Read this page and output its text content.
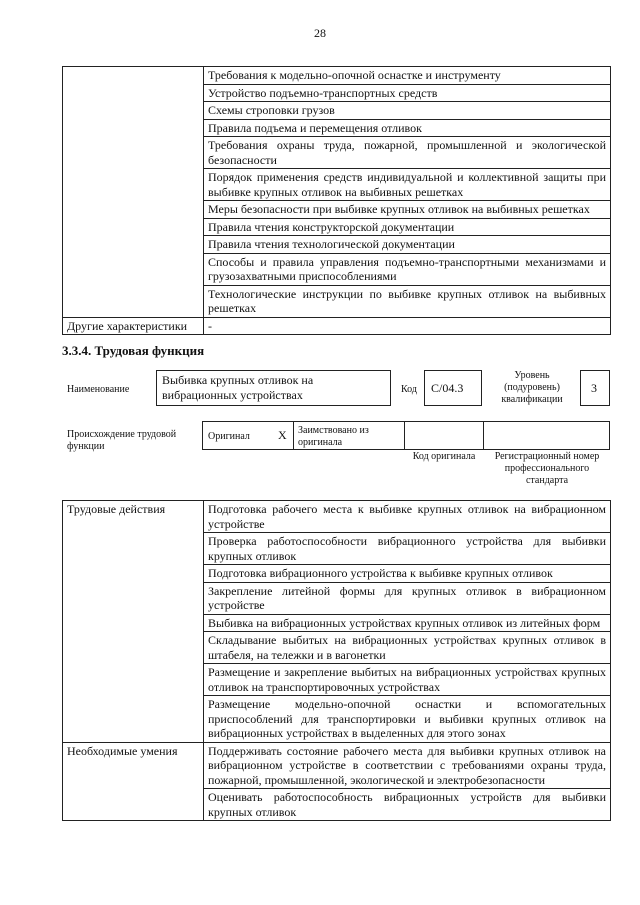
28
	Требования к модельно-опочной оснастке и инструменту
	Устройство подъемно-транспортных средств
	Схемы строповки грузов
	Правила подъема и перемещения отливок
	Требования охраны труда, пожарной, промышленной и экологической безопасности
	Порядок применения средств индивидуальной и коллективной защиты при выбивке крупных отливок на выбивных решетках
	Меры безопасности при выбивке крупных отливок на выбивных решетках
	Правила чтения конструкторской документации
	Правила чтения технологической документации
	Способы и правила управления подъемно-транспортными механизмами и грузозахватными приспособлениями
	Технологические инструкции по выбивке крупных отливок на выбивных решетках
Другие характеристики	-
3.3.4. Трудовая функция
Наименование
Выбивка крупных отливок на вибрационных устройствах	Код	C/04.3
Уровень (подуровень) квалификации
3
Происхождение трудовой функции
Оригинал X Заимствовано из оригинала
Код оригинала	Регистрационный номер профессионального стандарта
Трудовые действия	Подготовка рабочего места к выбивке крупных отливок на вибрационном устройстве
	Проверка работоспособности вибрационного устройства для выбивки крупных отливок
	Подготовка вибрационного устройства к выбивке крупных отливок
	Закрепление литейной формы для крупных отливок в вибрационном устройстве
	Выбивка на вибрационных устройствах крупных отливок из литейных форм
	Складывание выбитых на вибрационных устройствах крупных отливок в штабеля, на тележки и в вагонетки
	Размещение и закрепление выбитых на вибрационных устройствах крупных отливок на транспортировочных устройствах
	Размещение модельно-опочной оснастки и вспомогательных приспособлений для транспортировки и выбивки крупных отливок на вибрационных устройствах в выделенных для этого зонах
Необходимые умения	Поддерживать состояние рабочего места для выбивки крупных отливок на вибрационном устройстве в соответствии с требованиями охраны труда, пожарной, промышленной, экологической и электробезопасности
	Оценивать работоспособность вибрационных устройств для выбивки крупных отливок
